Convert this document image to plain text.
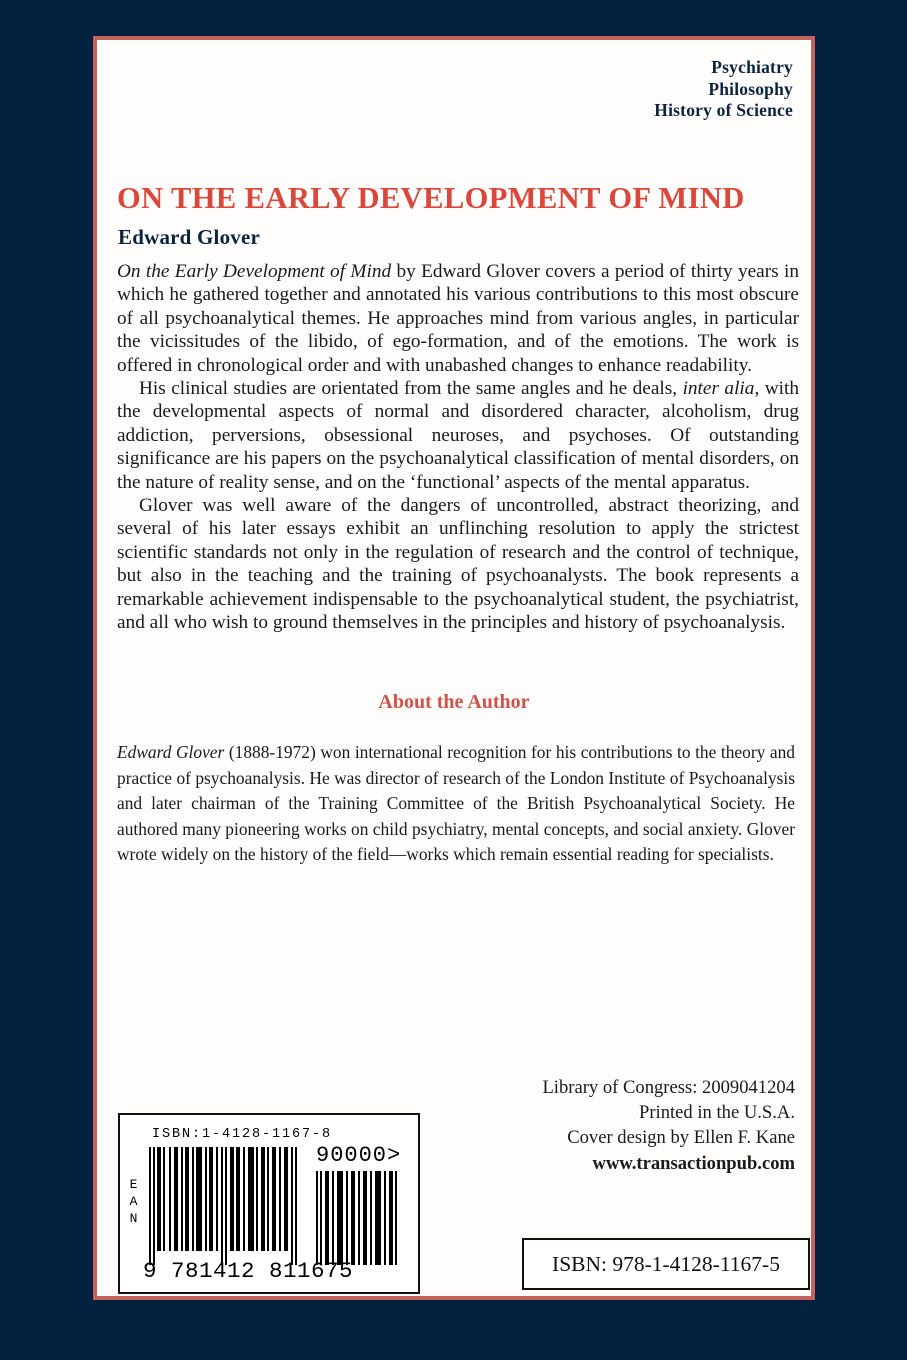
Psychiatry
Philosophy
History of Science
ON THE EARLY DEVELOPMENT OF MIND
Edward Glover

On the Early Development of Mind by Edward Glover covers a period of thirty years in which he gathered together and annotated his various contributions to this most obscure of all psychoanalytical themes. He approaches mind from various angles, in particular the vicissitudes of the libido, of ego-formation, and of the emotions. The work is offered in chronological order and with unabashed changes to enhance readability.

His clinical studies are orientated from the same angles and he deals, inter alia, with the developmental aspects of normal and disordered character, alcoholism, drug addiction, perversions, obsessional neuroses, and psychoses. Of outstanding significance are his papers on the psychoanalytical classification of mental disorders, on the nature of reality sense, and on the ‘functional’ aspects of the mental apparatus.

Glover was well aware of the dangers of uncontrolled, abstract theorizing, and several of his later essays exhibit an unflinching resolution to apply the strictest scientific standards not only in the regulation of research and the control of technique, but also in the teaching and the training of psychoanalysts. The book represents a remarkable achievement indispensable to the psychoanalytical student, the psychiatrist, and all who wish to ground themselves in the principles and history of psychoanalysis.

About the Author

Edward Glover (1888-1972) won international recognition for his contributions to the theory and practice of psychoanalysis. He was director of research of the London Institute of Psychoanalysis and later chairman of the Training Committee of the British Psychoanalytical Society. He authored many pioneering works on child psychiatry, mental concepts, and social anxiety. Glover wrote widely on the history of the field—works which remain essential reading for specialists.

Library of Congress: 2009041204
Printed in the U.S.A.
Cover design by Ellen F. Kane
www.transactionpub.com
ISBN: 978-1-4128-1167-5
ISBN:1-4128-1167-8
EAN
90000>
9 781412 811675
